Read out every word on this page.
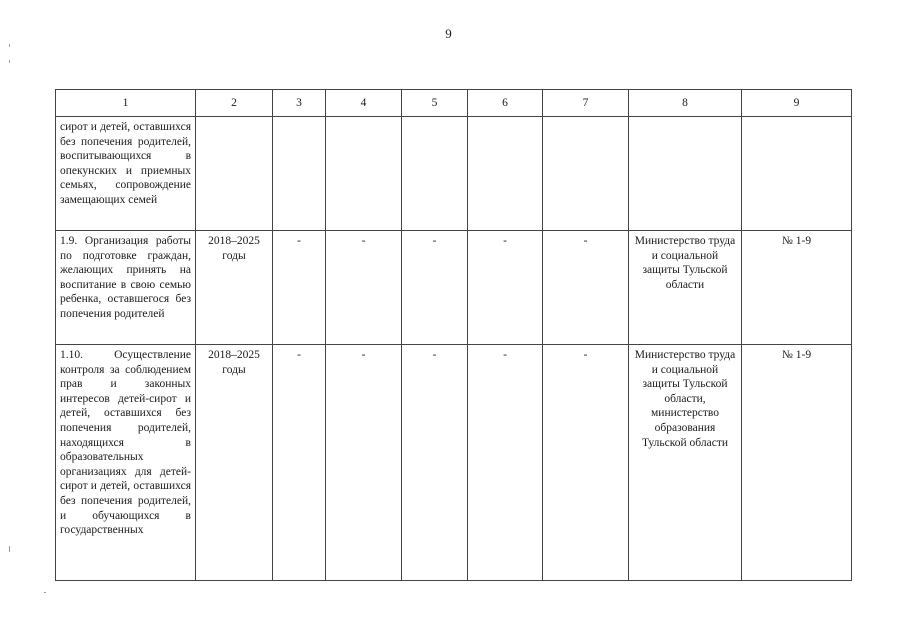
9
1	2	3	4	5	6	7	8	9
сирот и детей, оставшихся без попечения родителей, воспитывающихся в опекунских и приемных семьях, сопровождение замещающих семей								
1.9. Организация работы по подготовке граждан, желающих принять на воспитание в свою семью ребенка, оставшегося без попечения родителей	2018–2025 годы	-	-	-	-	-	Министерство труда и социальной защиты Тульской области	№ 1-9
1.10. Осуществление контроля за соблюдением прав и законных интересов детей-сирот и детей, оставшихся без попечения родителей, находящихся в образовательных организациях для детей-сирот и детей, оставшихся без попечения родителей, и обучающихся в государственных	2018–2025 годы	-	-	-	-	-	Министерство труда и социальной защиты Тульской области, министерство образования Тульской области	№ 1-9
